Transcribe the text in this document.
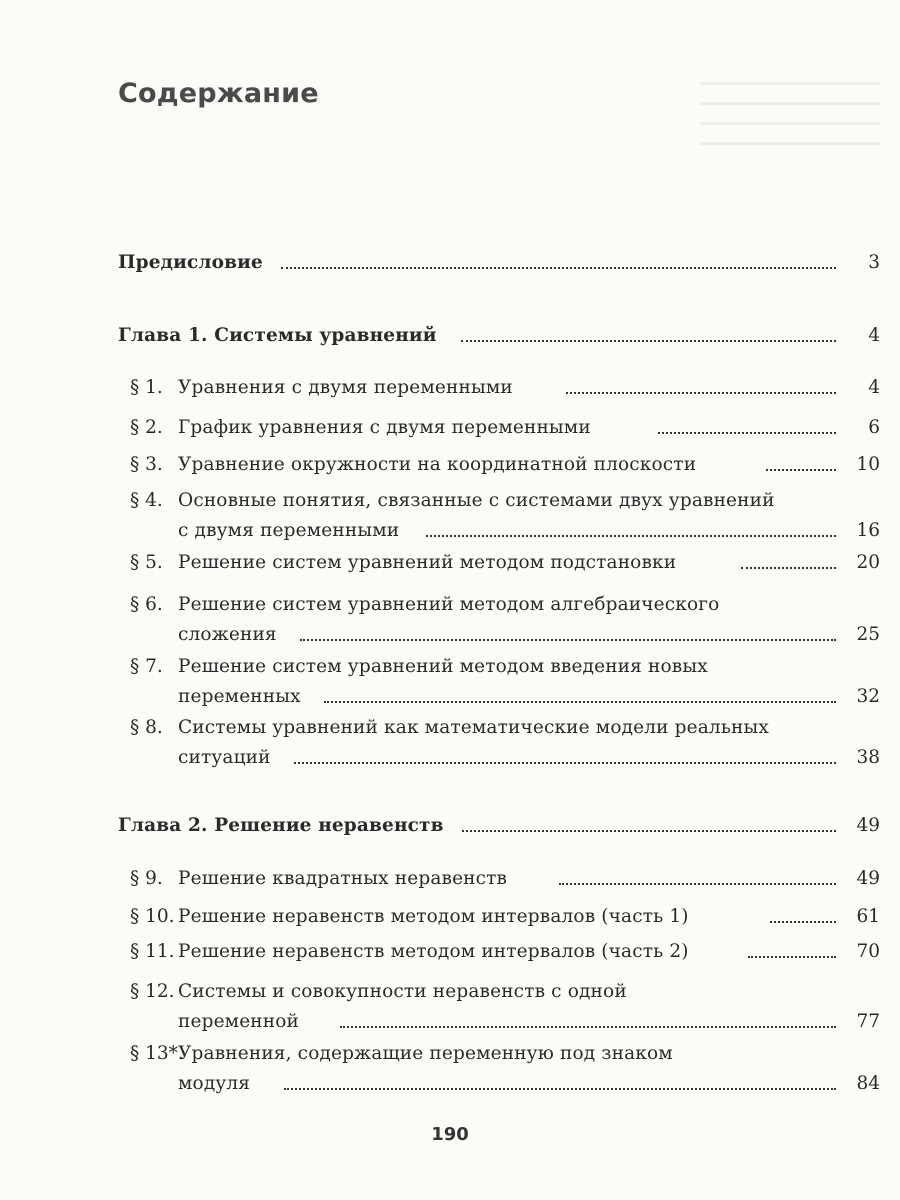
Содержание
Предисловие	3
Глава 1. Системы уравнений	4
§ 1. Уравнения с двумя переменными	4
§ 2. График уравнения с двумя переменными	6
§ 3. Уравнение окружности на координатной плоскости	10
§ 4. Основные понятия, связанные с системами двух уравнений
с двумя переменными	16
§ 5. Решение систем уравнений методом подстановки	20
§ 6. Решение систем уравнений методом алгебраического
сложения	25
§ 7. Решение систем уравнений методом введения новых
переменных	32
§ 8. Системы уравнений как математические модели реальных
ситуаций	38
Глава 2. Решение неравенств	49
§ 9. Решение квадратных неравенств	49
§ 10. Решение неравенств методом интервалов (часть 1)	61
§ 11. Решение неравенств методом интервалов (часть 2)	70
§ 12. Системы и совокупности неравенств с одной
переменной	77
§ 13*.
Уравнения, содержащие переменную под знаком
модуля	84
190
